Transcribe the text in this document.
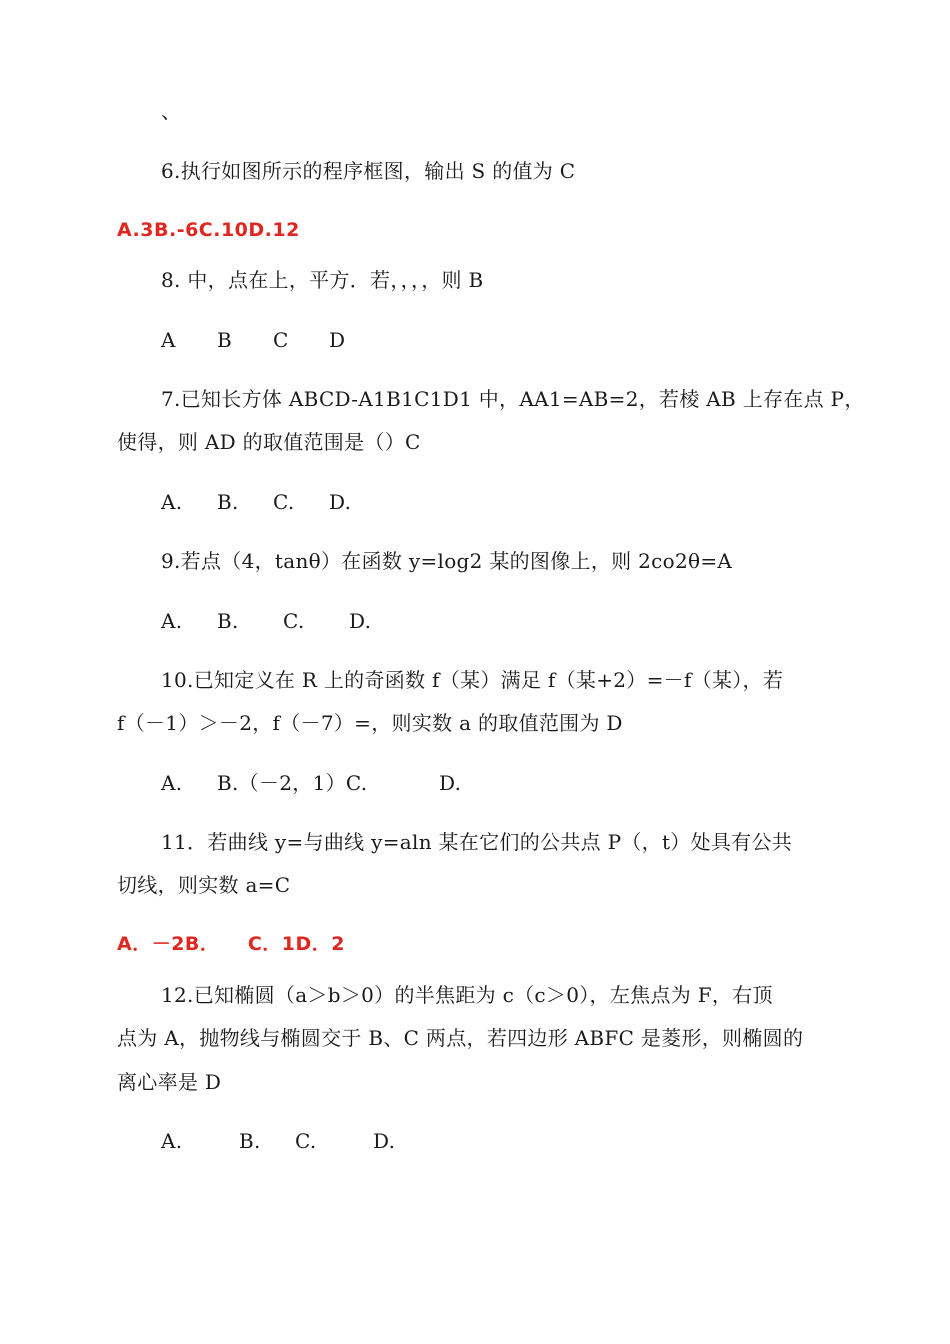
、
6.执行如图所示的程序框图，输出 S 的值为 C
A.3B.-6C.10D.12
8. 中，点在上，平方．若，，，，则 B
A B C D
7.已知长方体 ABCD-A1B1C1D1 中，AA1=AB=2，若棱 AB 上存在点 P，
使得，则 AD 的取值范围是（）C
A. B. C. D.
9.若点（4，tanθ）在函数 y=log2 某的图像上，则 2co2θ=A
A. B. C. D.
10.已知定义在 R 上的奇函数 f（某）满足 f（某+2）=－f（某），若
f（－1）＞－2，f（－7）=，则实数 a 的取值范围为 D
A. B.（－2，1）C.	D.
11．若曲线 y=与曲线 y=aln 某在它们的公共点 P（，t）处具有公共
切线，则实数 a=C
A．－2B．    C．1D．2
12.已知椭圆（a＞b＞0）的半焦距为 c（c＞0），左焦点为 F，右顶
点为 A，抛物线与椭圆交于 B、C 两点，若四边形 ABFC 是菱形，则椭圆的
离心率是 D
A.	B. C.	D.
